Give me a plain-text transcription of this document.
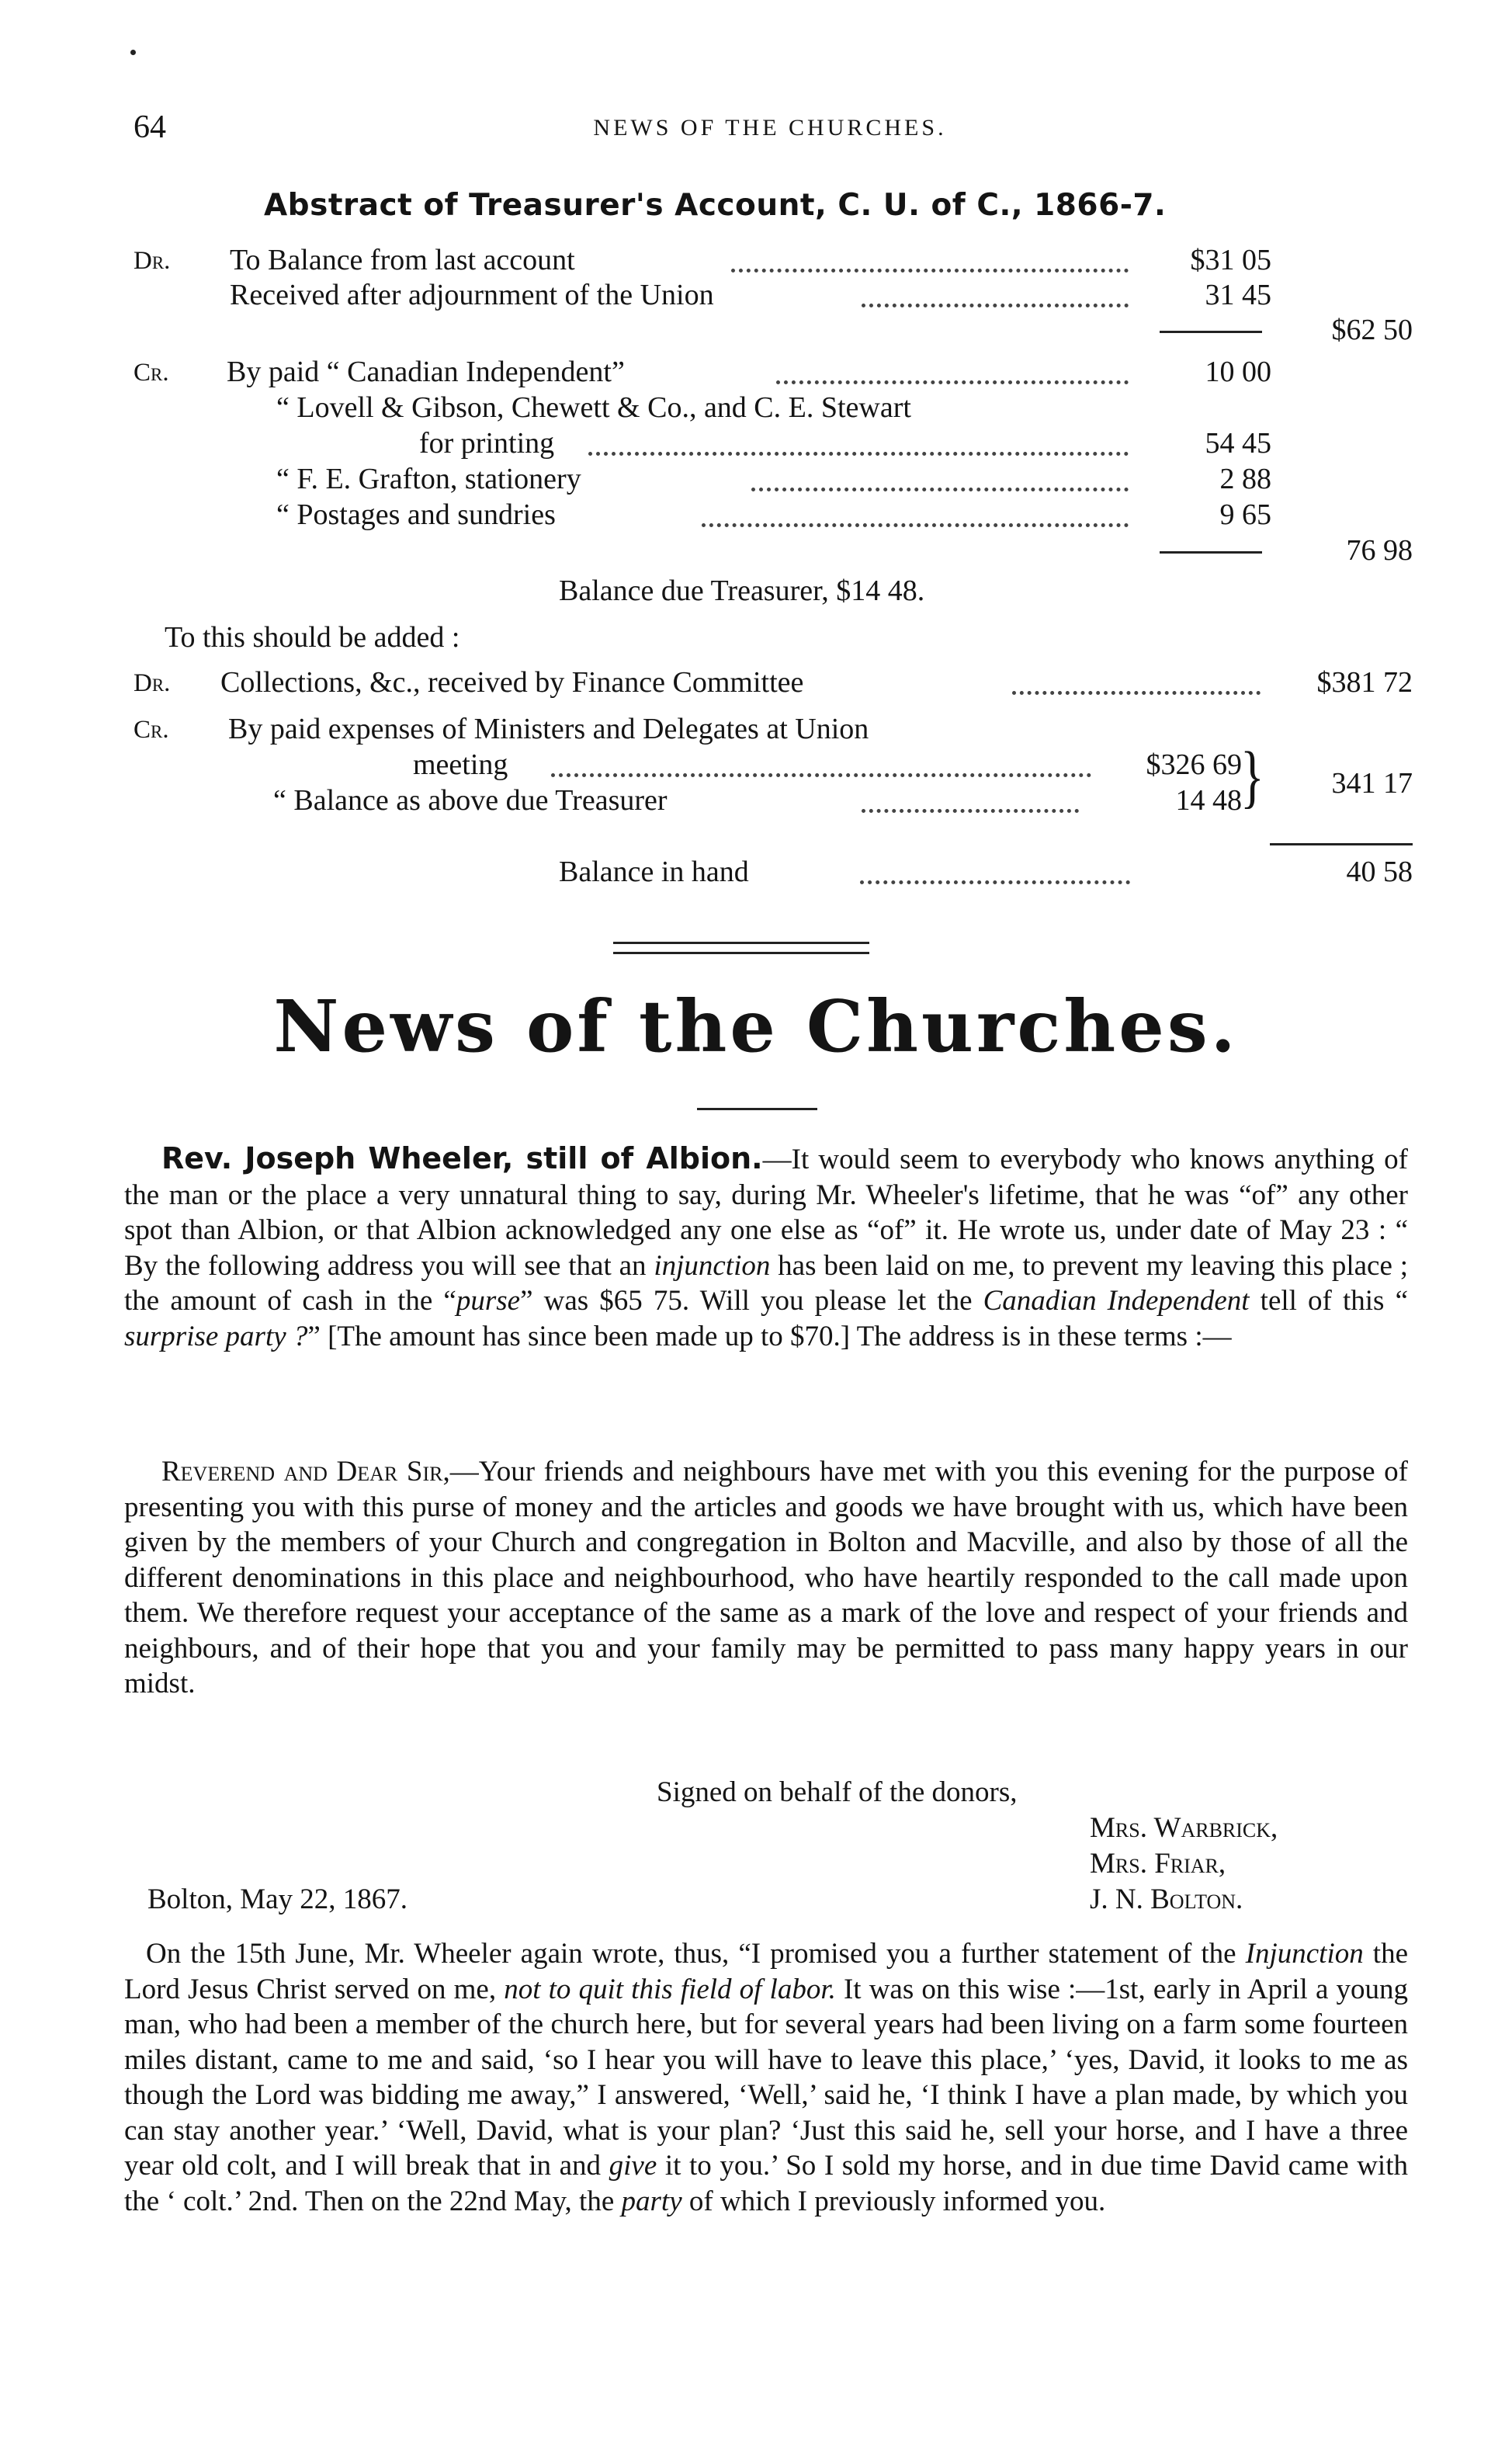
64	NEWS OF THE CHURCHES.
Abstract of Treasurer's Account, C. U. of C., 1866-7.
Dr. To Balance from last account	$31 05
Received after adjournment of the Union	31 45
$62 50
Cr. By paid “ Canadian Independent”	10 00
“ Lovell & Gibson, Chewett & Co., and C. E. Stewart
for printing	54 45
“ F. E. Grafton, stationery	2 88
“ Postages and sundries	9 65
76 98
Balance due Treasurer, $14 48.
To this should be added :
Dr. Collections, &c., received by Finance Committee	$381 72
Cr. By paid expenses of Ministers and Delegates at Union
meeting	$326 69
“ Balance as above due Treasurer	14 48
}	341 17
Balance in hand	40 58
News of the Churches.
Rev. Joseph Wheeler, still of Albion.—It would seem to everybody who knows anything of the man or the place a very unnatural thing to say, during Mr. Wheeler's lifetime, that he was “of” any other spot than Albion, or that Albion acknowledged any one else as “of” it. He wrote us, under date of May 23 : “ By the following address you will see that an injunction has been laid on me, to prevent my leaving this place ; the amount of cash in the “purse” was $65 75. Will you please let the Canadian Independent tell of this “ surprise party ?” [The amount has since been made up to $70.] The address is in these terms :—
Reverend and Dear Sir,—Your friends and neighbours have met with you this evening for the purpose of presenting you with this purse of money and the articles and goods we have brought with us, which have been given by the members of your Church and congregation in Bolton and Macville, and also by those of all the different denominations in this place and neighbourhood, who have heartily responded to the call made upon them. We therefore request your acceptance of the same as a mark of the love and respect of your friends and neighbours, and of their hope that you and your family may be permitted to pass many happy years in our midst.
Signed on behalf of the donors,
Mrs. Warbrick,
Mrs. Friar,
Bolton, May 22, 1867.	J. N. Bolton.
On the 15th June, Mr. Wheeler again wrote, thus, “I promised you a further statement of the Injunction the Lord Jesus Christ served on me, not to quit this field of labor. It was on this wise :—1st, early in April a young man, who had been a member of the church here, but for several years had been living on a farm some fourteen miles distant, came to me and said, ‘so I hear you will have to leave this place,’ ‘yes, David, it looks to me as though the Lord was bidding me away,” I answered, ‘Well,’ said he, ‘I think I have a plan made, by which you can stay another year.’ ‘Well, David, what is your plan? ‘Just this said he, sell your horse, and I have a three year old colt, and I will break that in and give it to you.’ So I sold my horse, and in due time David came with the ‘ colt.’ 2nd. Then on the 22nd May, the party of which I previously informed you.
